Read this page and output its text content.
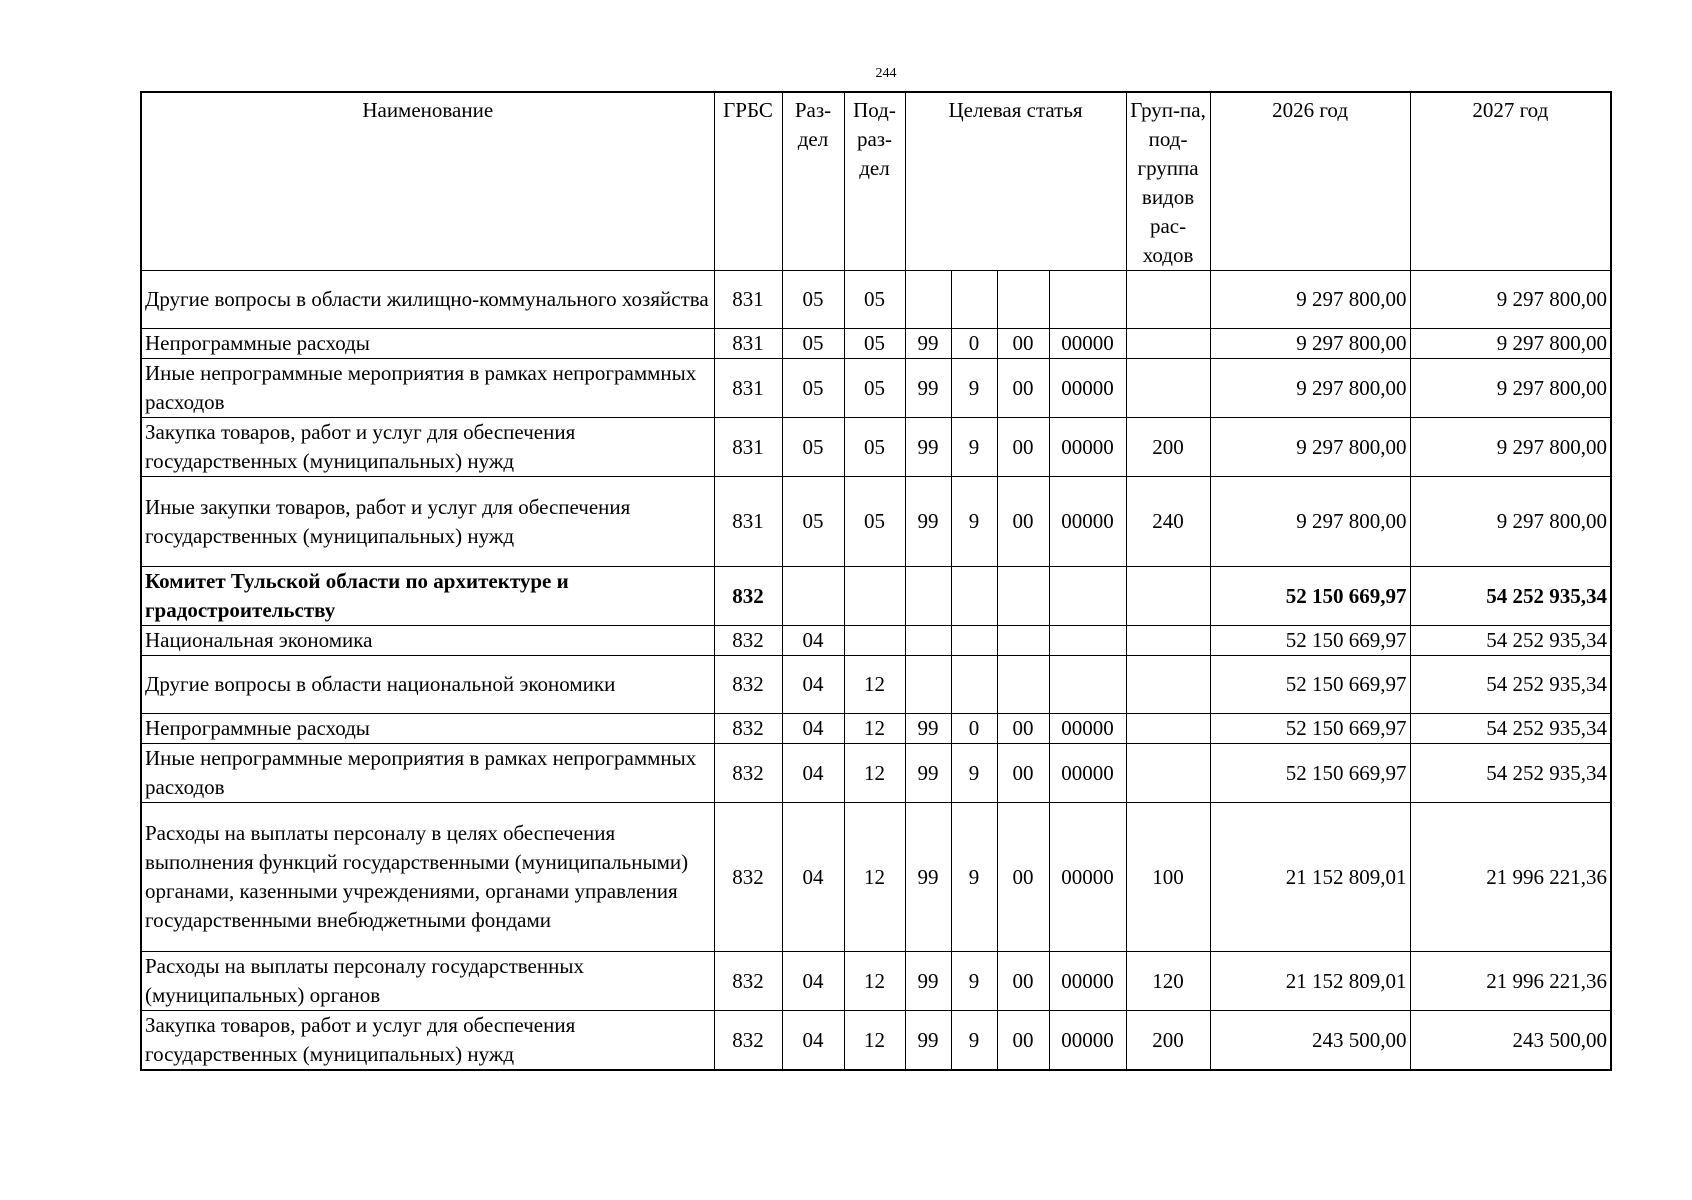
244
Наименование	ГРБС	Раз-дел	Под-раз-дел	Целевая статья				Груп-па, под-группа видов рас-ходов	2026 год	2027 год
Другие вопросы в области жилищно-коммунального хозяйства	831	05	05						9 297 800,00	9 297 800,00
Непрограммные расходы	831	05	05	99	0	00	00000		9 297 800,00	9 297 800,00
Иные непрограммные мероприятия в рамках непрограммных расходов	831	05	05	99	9	00	00000		9 297 800,00	9 297 800,00
Закупка товаров, работ и услуг для обеспечения государственных (муниципальных) нужд	831	05	05	99	9	00	00000	200	9 297 800,00	9 297 800,00
Иные закупки товаров, работ и услуг для обеспечения государственных (муниципальных) нужд	831	05	05	99	9	00	00000	240	9 297 800,00	9 297 800,00
Комитет Тульской области по архитектуре и градостроительству	832								52 150 669,97	54 252 935,34
Национальная экономика	832	04							52 150 669,97	54 252 935,34
Другие вопросы в области национальной экономики	832	04	12						52 150 669,97	54 252 935,34
Непрограммные расходы	832	04	12	99	0	00	00000		52 150 669,97	54 252 935,34
Иные непрограммные мероприятия в рамках непрограммных расходов	832	04	12	99	9	00	00000		52 150 669,97	54 252 935,34
Расходы на выплаты персоналу в целях обеспечения выполнения функций государственными (муниципальными) органами, казенными учреждениями, органами управления государственными внебюджетными фондами	832	04	12	99	9	00	00000	100	21 152 809,01	21 996 221,36
Расходы на выплаты персоналу государственных (муниципальных) органов	832	04	12	99	9	00	00000	120	21 152 809,01	21 996 221,36
Закупка товаров, работ и услуг для обеспечения государственных (муниципальных) нужд	832	04	12	99	9	00	00000	200	243 500,00	243 500,00
